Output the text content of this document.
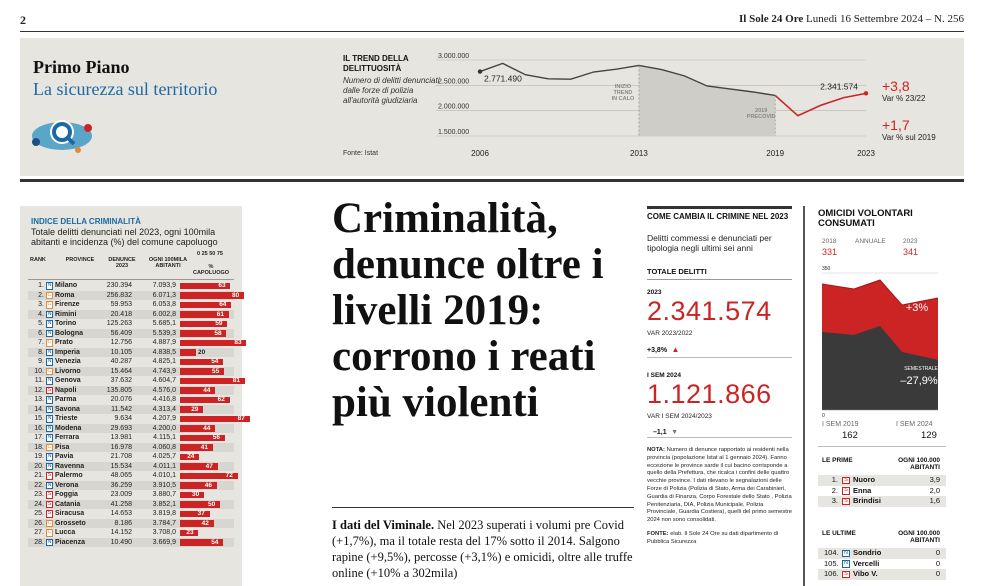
2	Il Sole 24 Ore Lunedì 16 Settembre 2024 – N. 256
Primo Piano
La sicurezza sul territorio
IL TREND DELLA DELITTUOSITÀ
Numero di delitti denunciati dalle forze di polizia all'autorità giudiziaria
Fonte: Istat
3.000.000
2.500.000
2.000.000
1.500.000
2006	2013	2019	2023
2.771.490
2.341.574
INIZIO TREND IN CALO
2019 PRECOVID
+3,8
Var % 23/22
+1,7
Var % sul 2019
INDICE DELLA CRIMINALITÀ
Totale delitti denunciati nel 2023, ogni 100mila abitanti e incidenza (%) del comune capoluogo
RANK	PROVINCE	DENUNCE 2023
OGNI 100MILA ABITANTI
0 25 50 75
% CAPOLUOGO
1. N Milano	230.394	7.093,9	63
2. C Roma	256.832	6.071,3	80
3. C Firenze	59.953	6.053,8	64
4. N Rimini	20.418	6.002,8	61
5. N Torino	125.263	5.685,1	59
6. N Bologna	56.409	5.539,3	58
7. C Prato	12.756	4.887,9	83
8. N Imperia	10.105	4.838,5	20
9. N Venezia	40.287	4.825,1	54
10. C Livorno	15.464	4.743,9	55
11. N Genova	37.632	4.604,7	81
12. S Napoli	135.805	4.576,0	44
13. N Parma	20.076	4.416,8	62
14. N Savona	11.542	4.313,4 29
15. N Trieste	9.634	4.207,9	87
16. N Modena	29.693	4.200,0	44
17. N Ferrara	13.981	4.115,1	56
18. C Pisa	16.978	4.060,8	41
19. N Pavia	21.708	4.025,7 24
20. N Ravenna	15.534	4.011,1	47
21. S Palermo	48.065	4.010,1	72
22. N Verona	36.259	3.910,5	46
23. S Foggia	23.009	3.880,7 30
24. S Catania	41.258	3.852,1	50
25. S Siracusa	14.653	3.819,8	37
26. C Grosseto	8.186	3.784,7	42
27. C Lucca	14.152	3.708,0 23
28. N Piacenza	10.490	3.669,9	54
Criminalità, denunce oltre i livelli 2019: corrono i reati più violenti
I dati del Viminale. Nel 2023 superati i volumi pre Covid (+1,7%), ma il totale resta del 17% sotto il 2014. Salgono rapine (+9,5%), percosse (+3,1%) e omicidi, oltre alle truffe online (+10% a 302mila)
COME CAMBIA IL CRIMINE NEL 2023
Delitti commessi e denunciati per tipologia negli ultimi sei anni
TOTALE DELITTI
2023
2.341.574
VAR 2023/2022
+3,8% ▲
I SEM 2024
1.121.866
VAR I SEM 2024/2023
–1,1 ▼
NOTA: Numero di denunce rapportato ai residenti nella provincia (popolazione Istat al 1 gennaio 2024). Fanno eccezione le province sarde il cui bacino corrisponde a quello della Prefettura, che ricalca i confini delle quattro vecchie province. I dati rilevano le segnalazioni delle Forze di Polizia (Polizia di Stato, Arma dei Carabinieri, Guardia di Finanza, Corpo Forestale dello Stato , Polizia Penitenziaria, DIA, Polizia Municipale, Polizia Provinciale, Guardia Costiera), quelli del primo semestre 2024 non sono consolidati.
FONTE: elab. Il Sole 24 Ore su dati dipartimento di Pubblica Sicurezza
OMICIDI VOLONTARI CONSUMATI
2018	ANNUALE	2023
331	341
350
0
ANNUALE
+3%
SEMESTRALE
–27,9%
I SEM 2019	I SEM 2024
162	129
LE PRIME	OGNI 100.000 ABITANTI
1.	S Nuoro	3,9
2.	S Enna	2,0
3.	S Brindisi	1,6
LE ULTIME	OGNI 100.000 ABITANTI
104. N Sondrio	0
105. N Vercelli	0
106.	S Vibo V.	0
